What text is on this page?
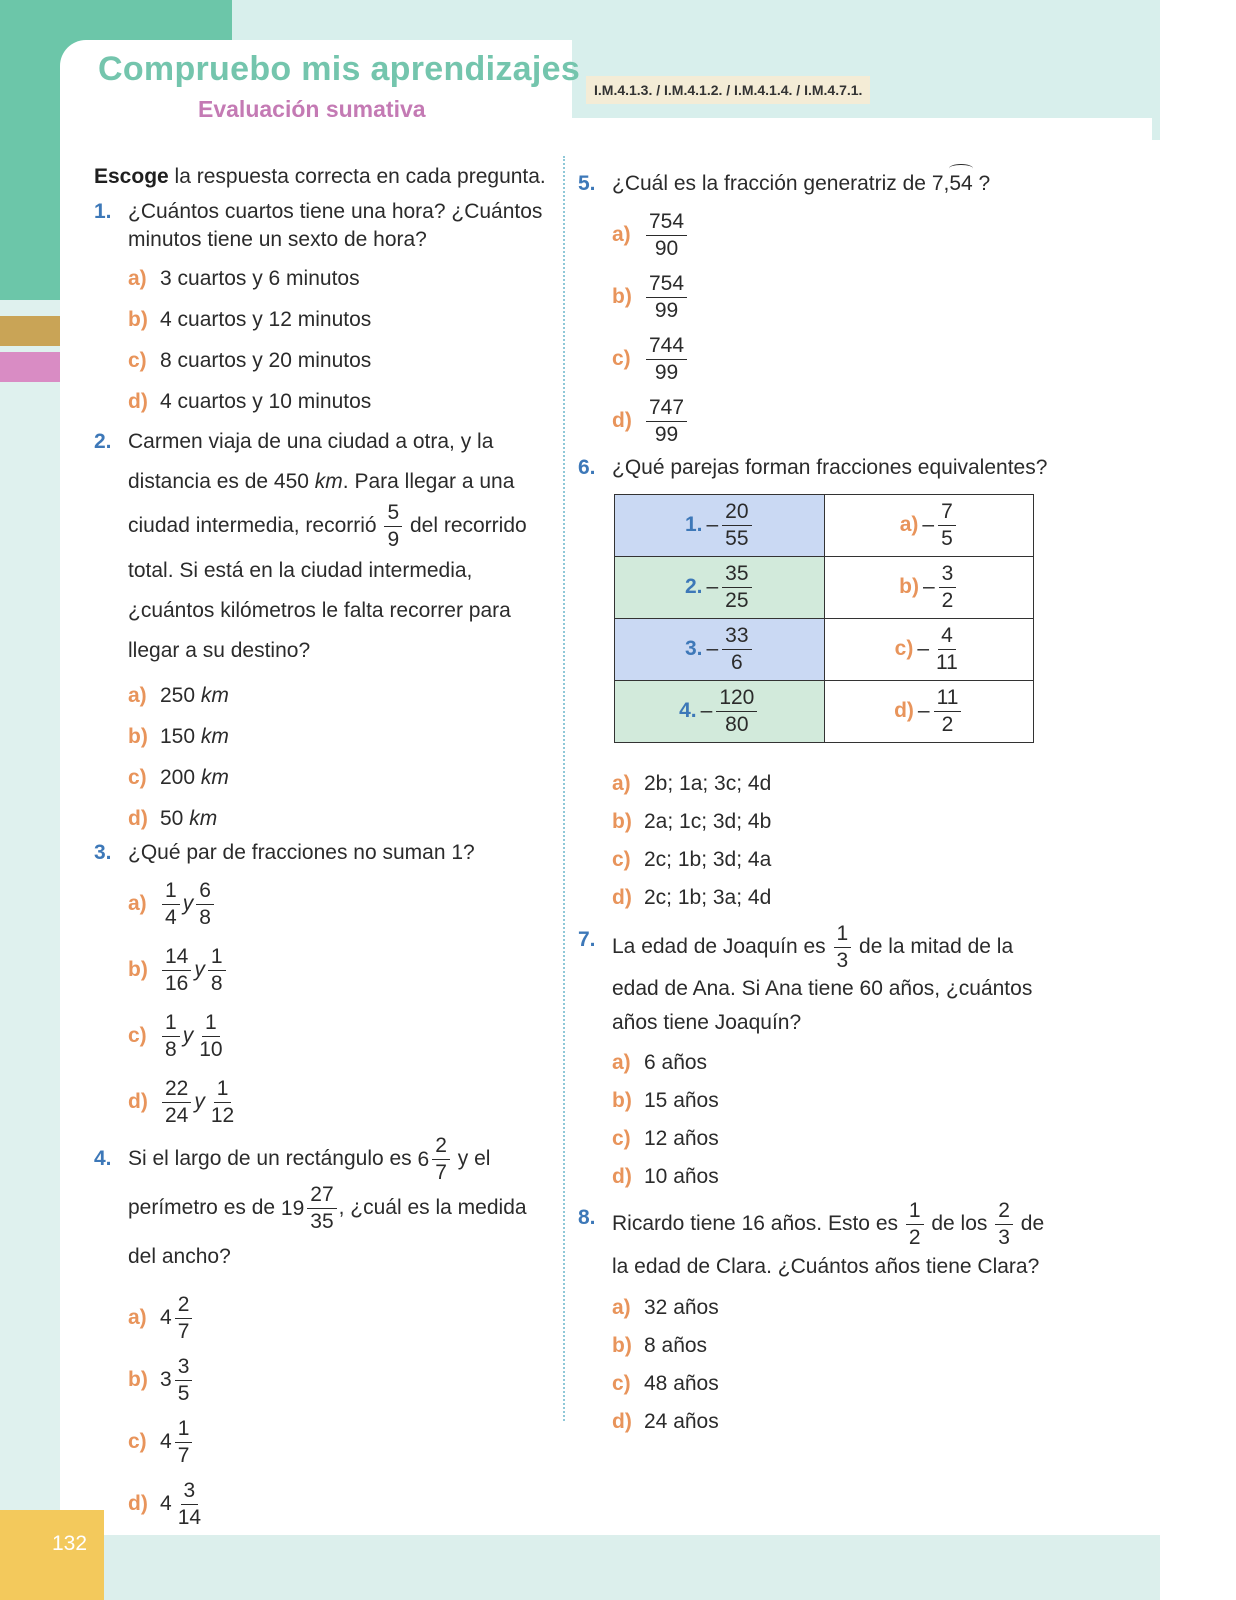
132
Compruebo mis aprendizajes
Evaluación sumativa
I.M.4.1.3. / I.M.4.1.2. / I.M.4.1.4. / I.M.4.7.1.
Escoge la respuesta correcta en cada pregunta.
1. ¿Cuántos cuartos tiene una hora? ¿Cuántos minutos tiene un sexto de hora?
a) 3 cuartos y 6 minutos
b) 4 cuartos y 12 minutos
c) 8 cuartos y 20 minutos
d) 4 cuartos y 10 minutos
2. Carmen viaja de una ciudad a otra, y la distancia es de 450 km. Para llegar a una ciudad intermedia, recorrió $\frac{5}{9}$ del recorrido total. Si está en la ciudad intermedia, ¿cuántos kilómetros le falta recorrer para llegar a su destino?
a) 250 km
b) 150 km
c) 200 km
d) 50 km
3. ¿Qué par de fracciones no suman 1?
$a) \frac{1}{4}$ y $\frac{6}{8}$
$b) \frac{14}{16}$ y $\frac{1}{8}$
$c) \frac{1}{8}$ y $\frac{1}{10}$
$d) \frac{22}{24}$ y $\frac{1}{12}$
4. Si el largo de un rectángulo es $6 \frac{2}{7}$ y el perímetro es de $19 \frac{27}{35}$ , ¿cuál es la medida del ancho?
a) $4 \frac{2}{7}$
b) $3 \frac{3}{5}$
c) $4 \frac{1}{7}$
d) $4 \frac{3}{14}$
5. ¿Cuál es la fracción generatriz de 7,54 ?
$a) \frac{754}{90}$
$b) \frac{754}{99}$
$c) \frac{744}{99}$
$d) \frac{747}{99}$
6. ¿Qué parejas forman fracciones equivalentes?
1. – $\frac{20}{55}$	$a) - \frac{7}{5}$

2. – $\frac{35}{25}$	$b) - \frac{3}{2}$

3. – $\frac{33}{6}$	$c) - \frac{4}{11}$

4. – $\frac{120}{80}$	$d) - \frac{11}{2}$
a) 2b; 1a; 3c; 4d
b) 2a; 1c; 3d; 4b
c) 2c; 1b; 3d; 4a
d) 2c; 1b; 3a; 4d
7. La edad de Joaquín es $\frac{1}{3}$ de la mitad de la edad de Ana. Si Ana tiene 60 años, ¿cuántos años tiene Joaquín?
a) 6 años
b) 15 años
c) 12 años
d) 10 años
8. Ricardo tiene 16 años. Esto es $\frac{1}{2}$ de los $\frac{2}{3}$ de la edad de Clara. ¿Cuántos años tiene Clara?
a) 32 años
b) 8 años
c) 48 años
d) 24 años
